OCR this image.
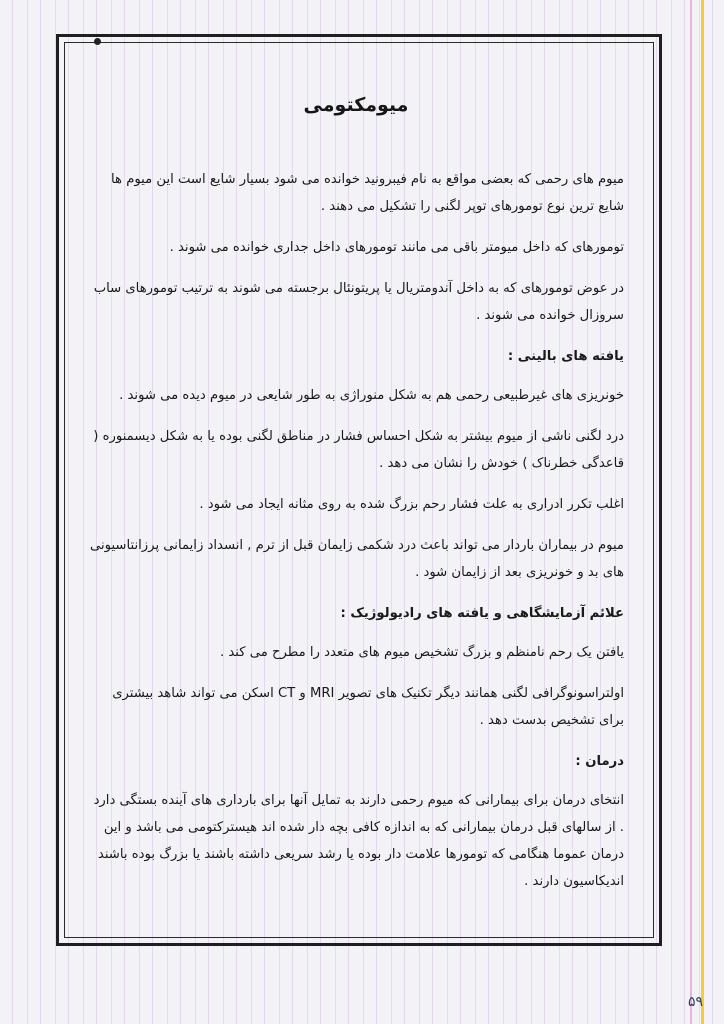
میومکتومی

میوم های رحمی که بعضی مواقع به نام فیبرونید خوانده می شود بسیار شایع است این میوم ها شایع ترین نوع تومورهای توپر لگنی را تشکیل می دهند .

تومورهای که داخل میومتر باقی می مانند تومورهای داخل جداری خوانده می شوند .

در عوض تومورهای که به داخل آندومتریال یا پریتونئال برجسته می شوند به ترتیب تومورهای ساب سروزال خوانده می شوند .

یافته های بالینی :

خونریزی های غیرطبیعی رحمی هم به شکل منوراژی به طور شایعی در میوم دیده می شوند .

درد لگنی ناشی از میوم بیشتر به شکل احساس فشار در مناطق لگنی بوده یا به شکل دیسمنوره ( قاعدگی خطرناک ) خودش را نشان می دهد .

اغلب تکرر ادراری به علت فشار رحم بزرگ شده به روی مثانه ایجاد می شود .

میوم در بیماران باردار می تواند باعث درد شکمی زایمان قبل از ترم , انسداد زایمانی پرزانتاسیونی های بد و خونریزی بعد از زایمان شود .

علائم آزمایشگاهی و یافته های رادیولوژیک :

یافتن یک رحم نامنظم و بزرگ تشخیص میوم های متعدد را مطرح می کند .

اولتراسونوگرافی لگنی همانند دیگر تکنیک های تصویر MRI و CT اسکن می تواند شاهد بیشتری برای تشخیص بدست دهد .

درمان :

انتخای درمان برای بیمارانی که میوم رحمی دارند به تمایل آنها برای بارداری های آینده بستگی دارد . از سالهای قبل درمان بیمارانی که به اندازه کافی بچه دار شده اند هیسترکتومی می باشد و این درمان عموما هنگامی که تومورها علامت دار بوده یا رشد سریعی داشته باشند یا بزرگ بوده باشند اندیکاسیون دارند .

۵۹
